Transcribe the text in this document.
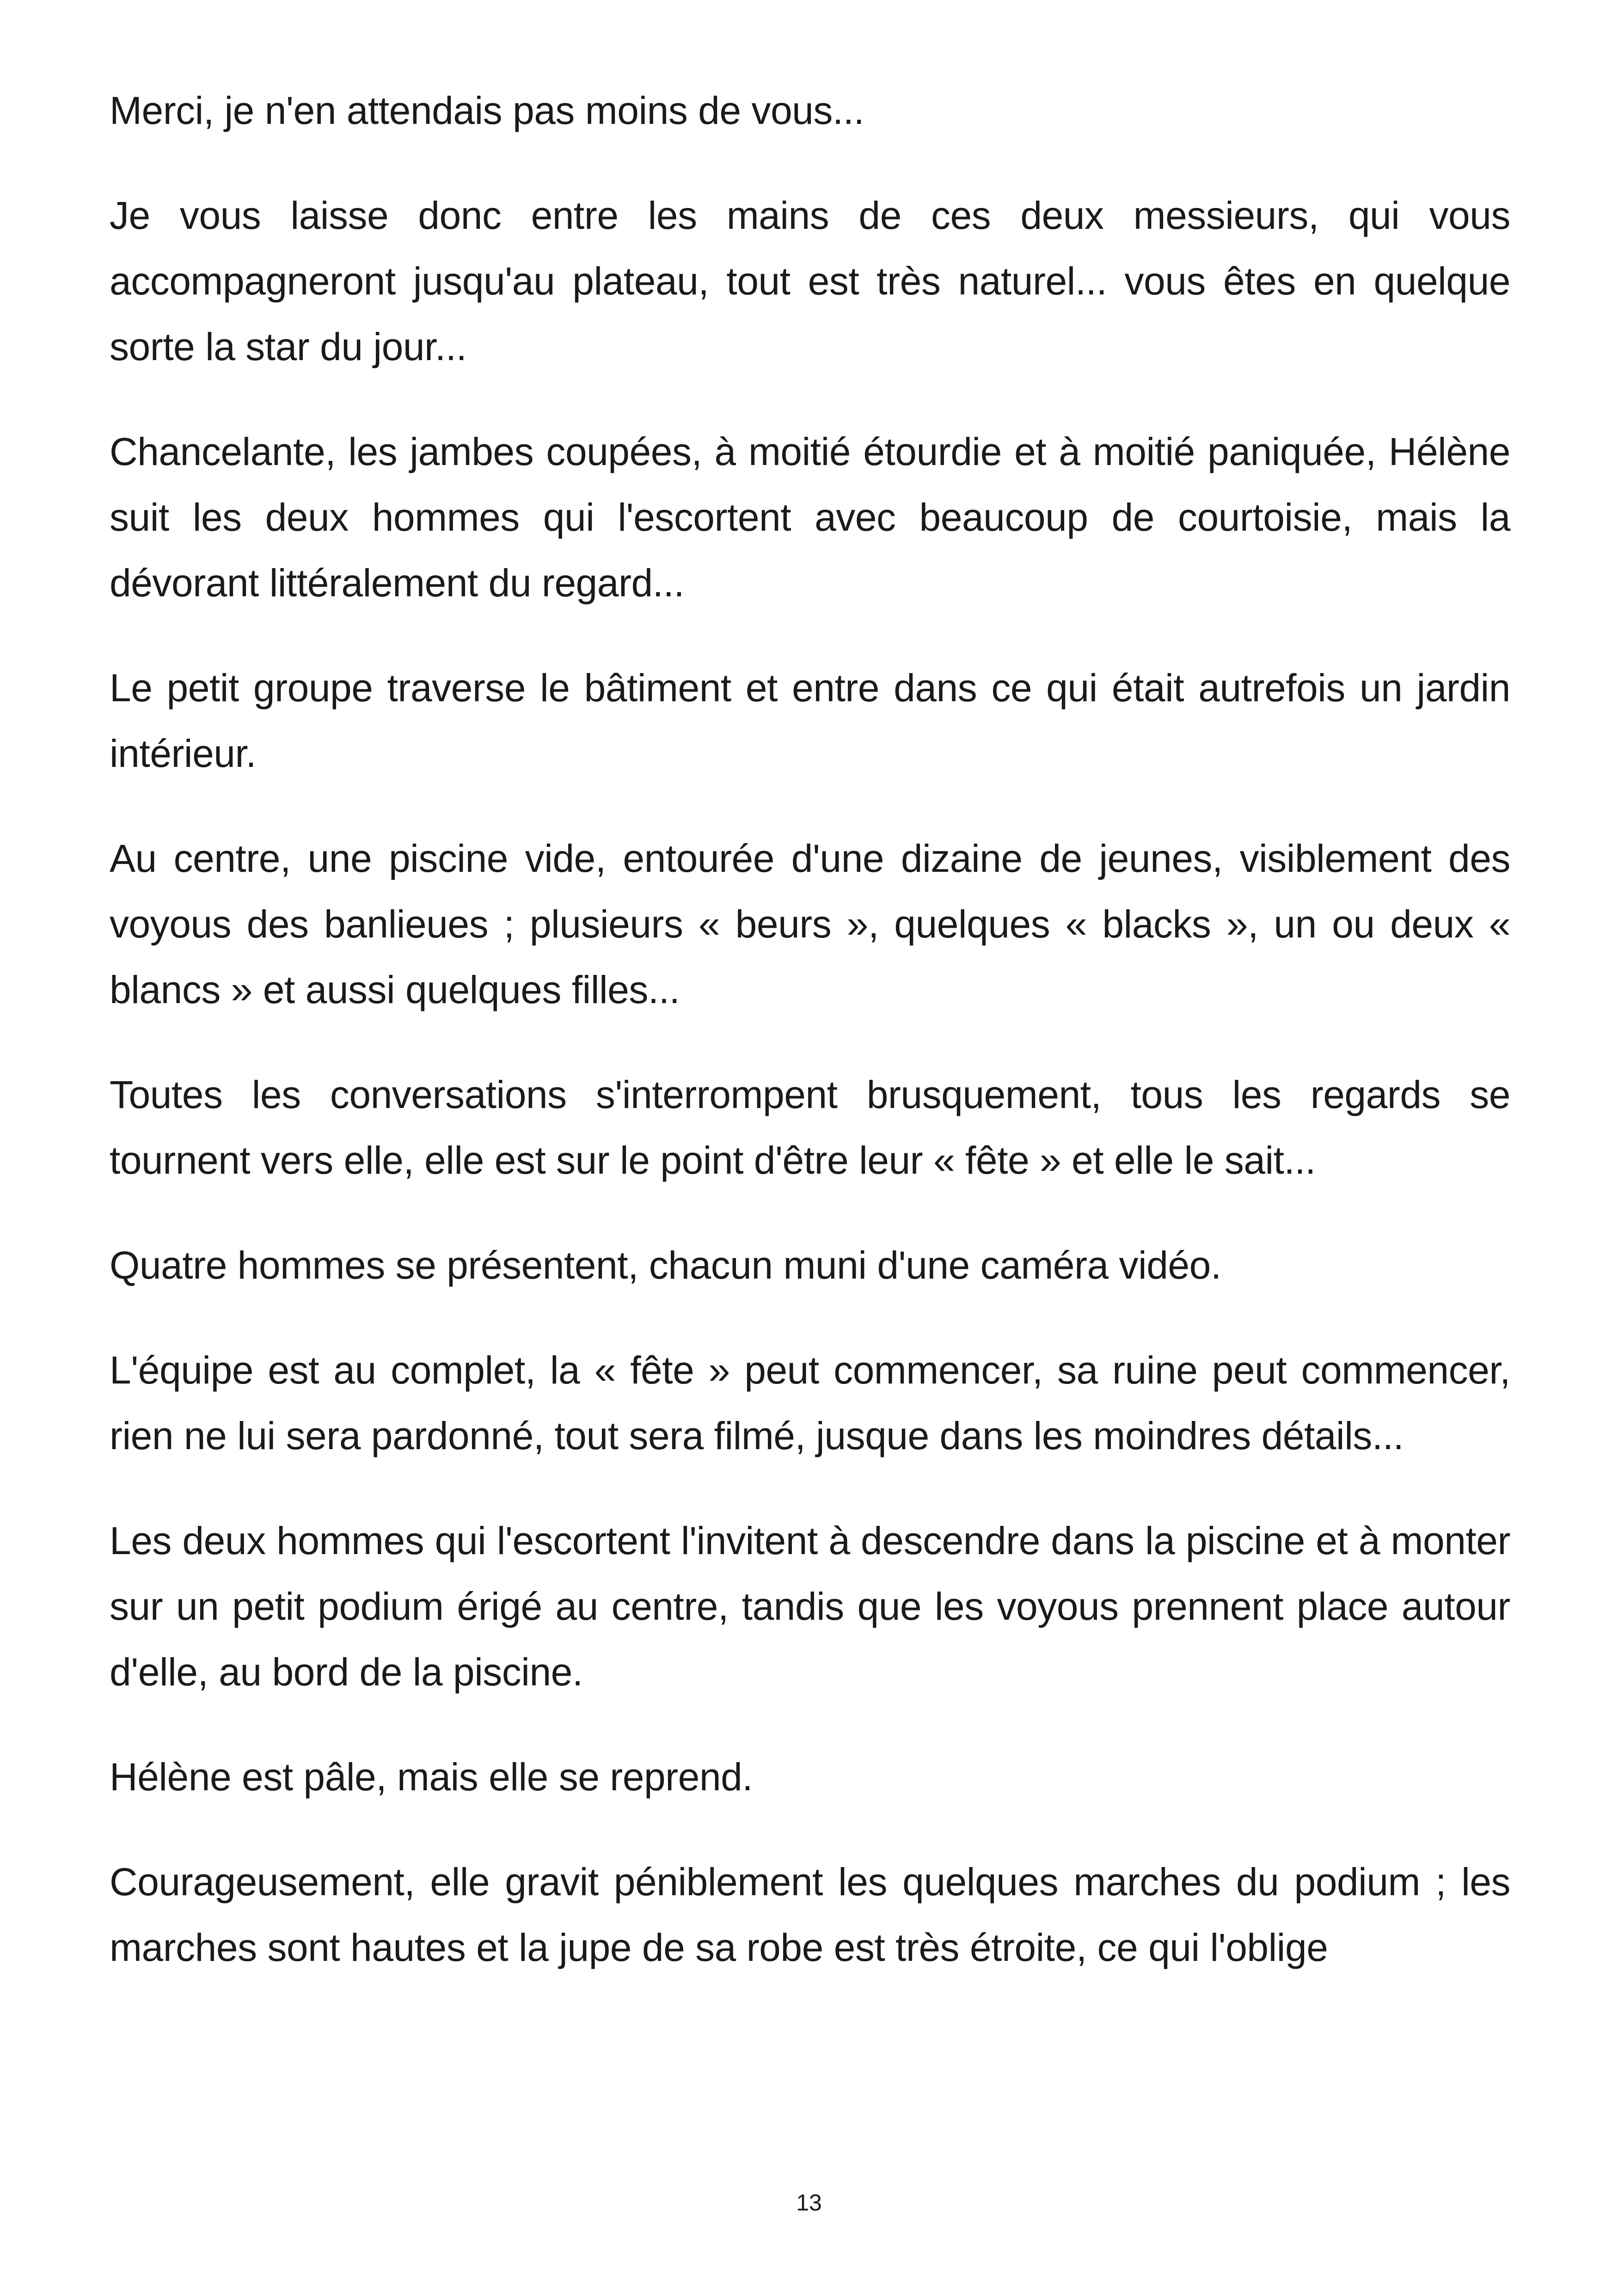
Merci, je n'en attendais pas moins de vous...

Je vous laisse donc entre les mains de ces deux messieurs, qui vous accompagneront jusqu'au plateau, tout est très naturel... vous êtes en quelque sorte la star du jour...

Chancelante, les jambes coupées, à moitié étourdie et à moitié paniquée, Hélène suit les deux hommes qui l'escortent avec beaucoup de courtoisie, mais la dévorant littéralement du regard...

Le petit groupe traverse le bâtiment et entre dans ce qui était autrefois un jardin intérieur.

Au centre, une piscine vide, entourée d'une dizaine de jeunes, visiblement des voyous des banlieues ; plusieurs « beurs », quelques « blacks », un ou deux « blancs » et aussi quelques filles...

Toutes les conversations s'interrompent brusquement, tous les regards se tournent vers elle, elle est sur le point d'être leur « fête » et elle le sait...

Quatre hommes se présentent, chacun muni d'une caméra vidéo.

L'équipe est au complet, la « fête » peut commencer, sa ruine peut commencer, rien ne lui sera pardonné, tout sera filmé, jusque dans les moindres détails...

Les deux hommes qui l'escortent l'invitent à descendre dans la piscine et à monter sur un petit podium érigé au centre, tandis que les voyous prennent place autour d'elle, au bord de la piscine.

Hélène est pâle, mais elle se reprend.

Courageusement, elle gravit péniblement les quelques marches du podium ; les marches sont hautes et la jupe de sa robe est très étroite, ce qui l'oblige

13
